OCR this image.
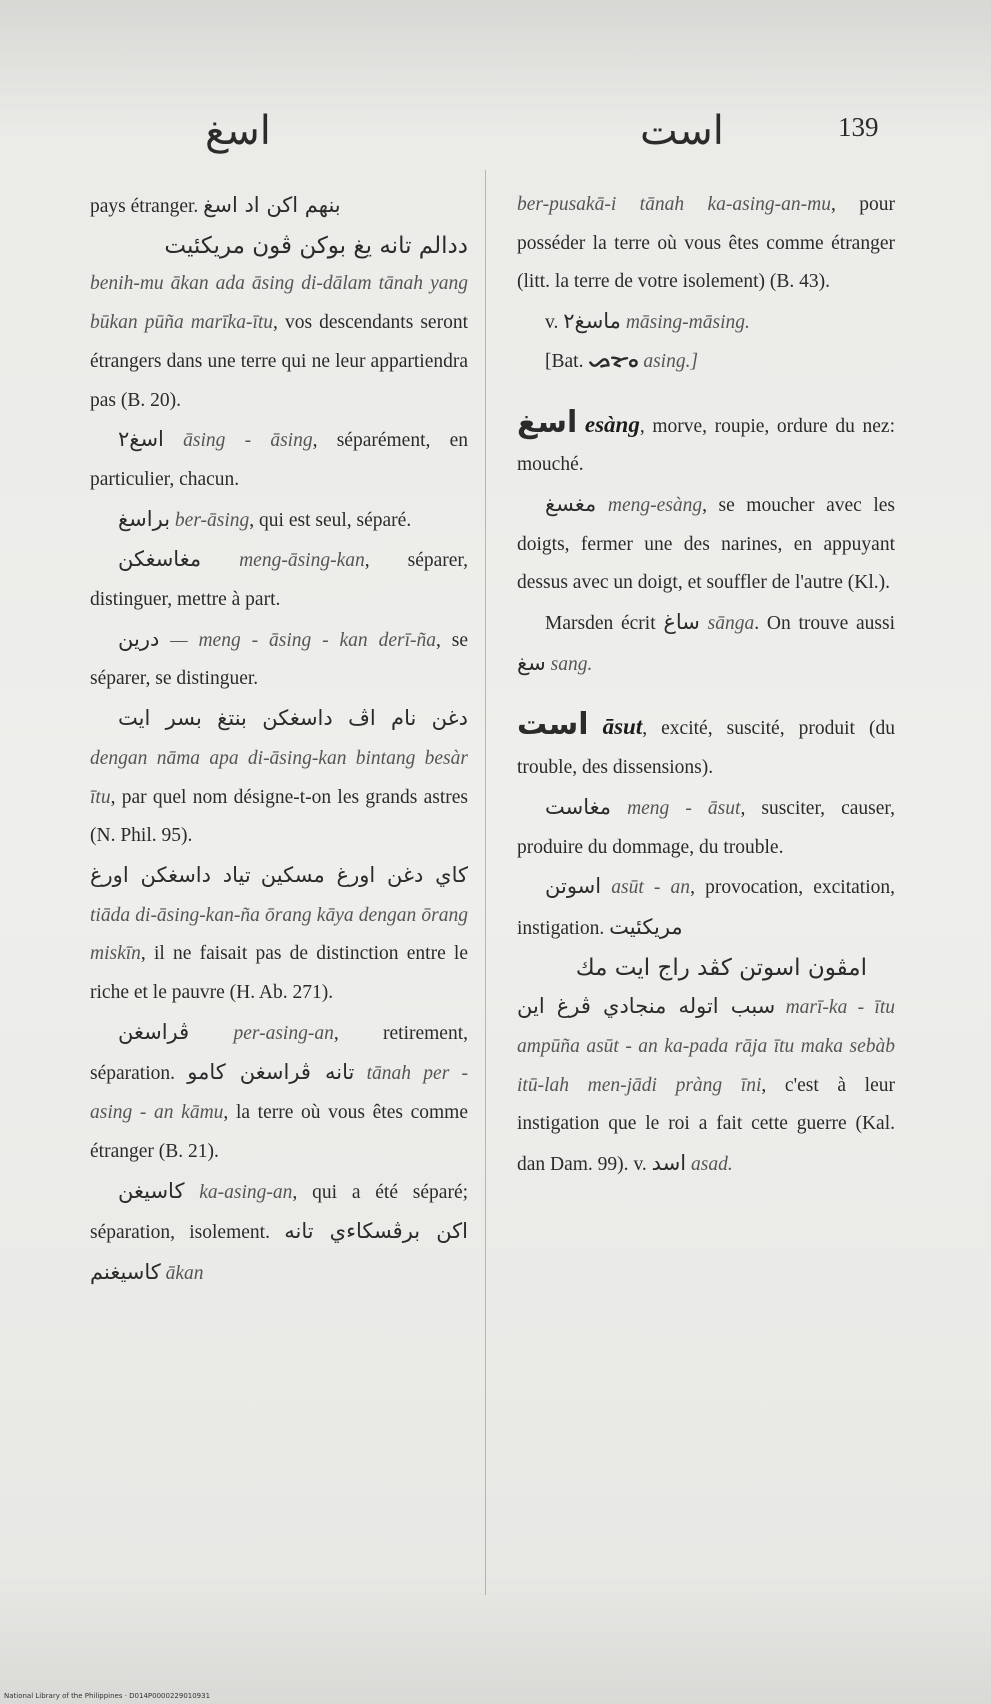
اسغ	است	139

pays étranger. بنهم اكن اد اسغ

ددالم تانه يغ بوكن ڤون مريكئيت

benih-mu ākan ada āsing di-dālam tānah yang būkan pūña marīka-ītu, vos descendants seront étrangers dans une terre qui ne leur appartiendra pas (B. 20).

اسغ٢ āsing - āsing, séparément, en particulier, chacun.

براسغ ber-āsing, qui est seul, séparé.

مغاسغكن meng-āsing-kan, séparer, distinguer, mettre à part.

درين — meng - āsing - kan derī-ña, se séparer, se distinguer.

دغن نام اڤ داسغكن بنتغ بسر ايت dengan nāma apa di-āsing-kan bintang besàr ītu, par quel nom désigne-t-on les grands astres (N. Phil. 95).

تياد داسغكن اورغ كاي دغن اورغ مسكين tiāda di-āsing-kan-ña ōrang kāya dengan ōrang miskīn, il ne faisait pas de distinction entre le riche et le pauvre (H. Ab. 271).

ڤراسغن per-asing-an, retirement, séparation. تانه ڤراسغن كامو tānah per - asing - an kāmu, la terre où vous êtes comme étranger (B. 21).

كاسيغن ka-asing-an, qui a été séparé; séparation, isolement. اكن برڤسكاءي تانه كاسيغنم ākan

ber-pusakā-i tānah ka-asing-an-mu, pour posséder la terre où vous êtes comme étranger (litt. la terre de votre isolement) (B. 43).

v. ماسغ٢ māsing-māsing.

[Bat. ᯀᯘᯪ asing.]

اسغ esàng, morve, roupie, ordure du nez: mouché.

مغسغ meng-esàng, se moucher avec les doigts, fermer une des narines, en appuyant dessus avec un doigt, et souffler de l'autre (Kl.).

Marsden écrit ساغ sānga. On trouve aussi سغ sang.

است āsut, excité, suscité, produit (du trouble, des dissensions).

مغاست meng - āsut, susciter, causer, produire du dommage, du trouble.

اسوتن asūt - an, provocation, excitation, instigation. مريكئيت
امڤون اسوتن كڤد راج ايت مك
سبب اتوله منجادي ڤرغ اين marī-ka - ītu ampūña asūt - an ka-pada rāja ītu maka sebàb itū-lah men-jādi pràng īni, c'est à leur instigation que le roi a fait cette guerre (Kal. dan Dam. 99). v. اسد asad.

National Library of the Philippines · D014P0000229010931
